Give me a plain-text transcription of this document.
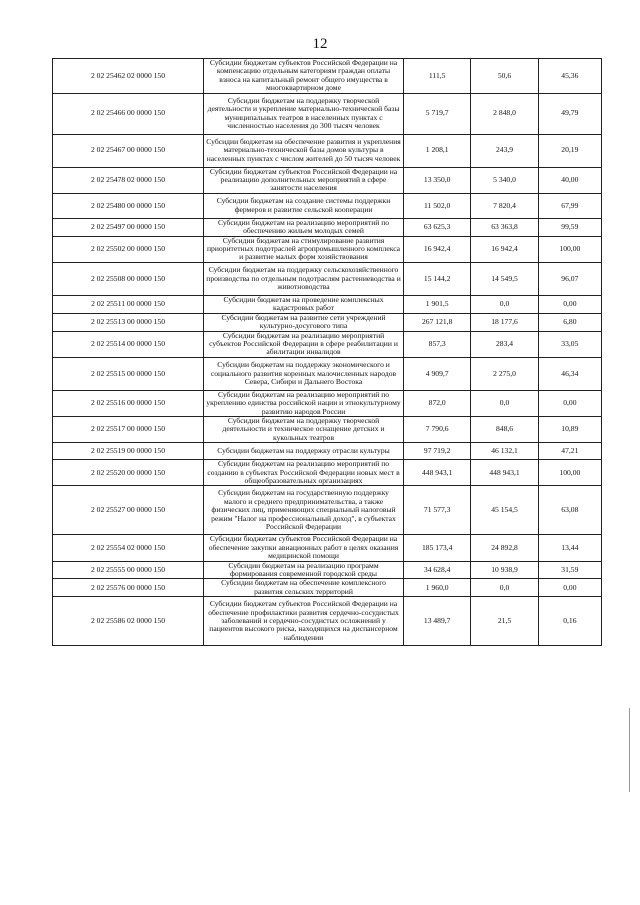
12
2 02 25462 02 0000 150	Субсидии бюджетам субъектов Российской Федерации на компенсацию отдельным категориям граждан оплаты взноса на капитальный ремонт общего имущества в многоквартирном доме	111,5	50,6	45,36
2 02 25466 00 0000 150	Субсидии бюджетам на поддержку творческой деятельности и укрепление материально-технической базы муниципальных театров в населенных пунктах с численностью населения до 300 тысяч человек	5 719,7	2 848,0	49,79
2 02 25467 00 0000 150	Субсидии бюджетам на обеспечение развития и укрепления материально-технической базы домов культуры в населенных пунктах с числом жителей до 50 тысяч человек	1 208,1	243,9	20,19
2 02 25478 02 0000 150	Субсидии бюджетам субъектов Российской Федерации на реализацию дополнительных мероприятий в сфере занятости населения	13 350,0	5 340,0	40,00
2 02 25480 00 0000 150	Субсидии бюджетам на создание системы поддержки фермеров и развитие сельской кооперации	11 502,0	7 820,4	67,99
2 02 25497 00 0000 150	Субсидии бюджетам на реализацию мероприятий по обеспечению жильем молодых семей	63 625,3	63 363,8	99,59
2 02 25502 00 0000 150	Субсидии бюджетам на стимулирование развития приоритетных подотраслей агропромышленного комплекса и развитие малых форм хозяйствования	16 942,4	16 942,4	100,00
2 02 25508 00 0000 150	Субсидии бюджетам на поддержку сельскохозяйственного производства по отдельным подотраслям растениеводства и животноводства	15 144,2	14 549,5	96,07
2 02 25511 00 0000 150	Субсидии бюджетам на проведение комплексных кадастровых работ	1 901,5	0,0	0,00
2 02 25513 00 0000 150	Субсидии бюджетам на развитие сети учреждений культурно-досугового типа	267 121,8	18 177,6	6,80
2 02 25514 00 0000 150	Субсидии бюджетам на реализацию мероприятий субъектов Российской Федерации в сфере реабилитации и абилитации инвалидов	857,3	283,4	33,05
2 02 25515 00 0000 150	Субсидии бюджетам на поддержку экономического и социального развития коренных малочисленных народов Севера, Сибири и Дальнего Востока	4 909,7	2 275,0	46,34
2 02 25516 00 0000 150	Субсидии бюджетам на реализацию мероприятий по укреплению единства российской нации и этнокультурному развитию народов России	872,0	0,0	0,00
2 02 25517 00 0000 150	Субсидии бюджетам на поддержку творческой деятельности и техническое оснащение детских и кукольных театров	7 790,6	848,6	10,89
2 02 25519 00 0000 150	Субсидии бюджетам на поддержку отрасли культуры	97 719,2	46 132,1	47,21
2 02 25520 00 0000 150	Субсидии бюджетам на реализацию мероприятий по созданию в субъектах Российской Федерации новых мест в общеобразовательных организациях	448 943,1	448 943,1	100,00
2 02 25527 00 0000 150	Субсидии бюджетам на государственную поддержку малого и среднего предпринимательства, а также физических лиц, применяющих специальный налоговый режим "Налог на профессиональный доход", в субъектах Российской Федерации	71 577,3	45 154,5	63,08
2 02 25554 02 0000 150	Субсидии бюджетам субъектов Российской Федерации на обеспечение закупки авиационных работ в целях оказания медицинской помощи	185 173,4	24 892,8	13,44
2 02 25555 00 0000 150	Субсидии бюджетам на реализацию программ формирования современной городской среды	34 628,4	10 938,9	31,59
2 02 25576 00 0000 150	Субсидии бюджетам на обеспечение комплексного развития сельских территорий	1 960,0	0,0	0,00
2 02 25586 02 0000 150	Субсидии бюджетам субъектов Российской Федерации на обеспечение профилактики развития сердечно-сосудистых заболеваний и сердечно-сосудистых осложнений у пациентов высокого риска, находящихся на диспансерном наблюдении	13 489,7	21,5	0,16
